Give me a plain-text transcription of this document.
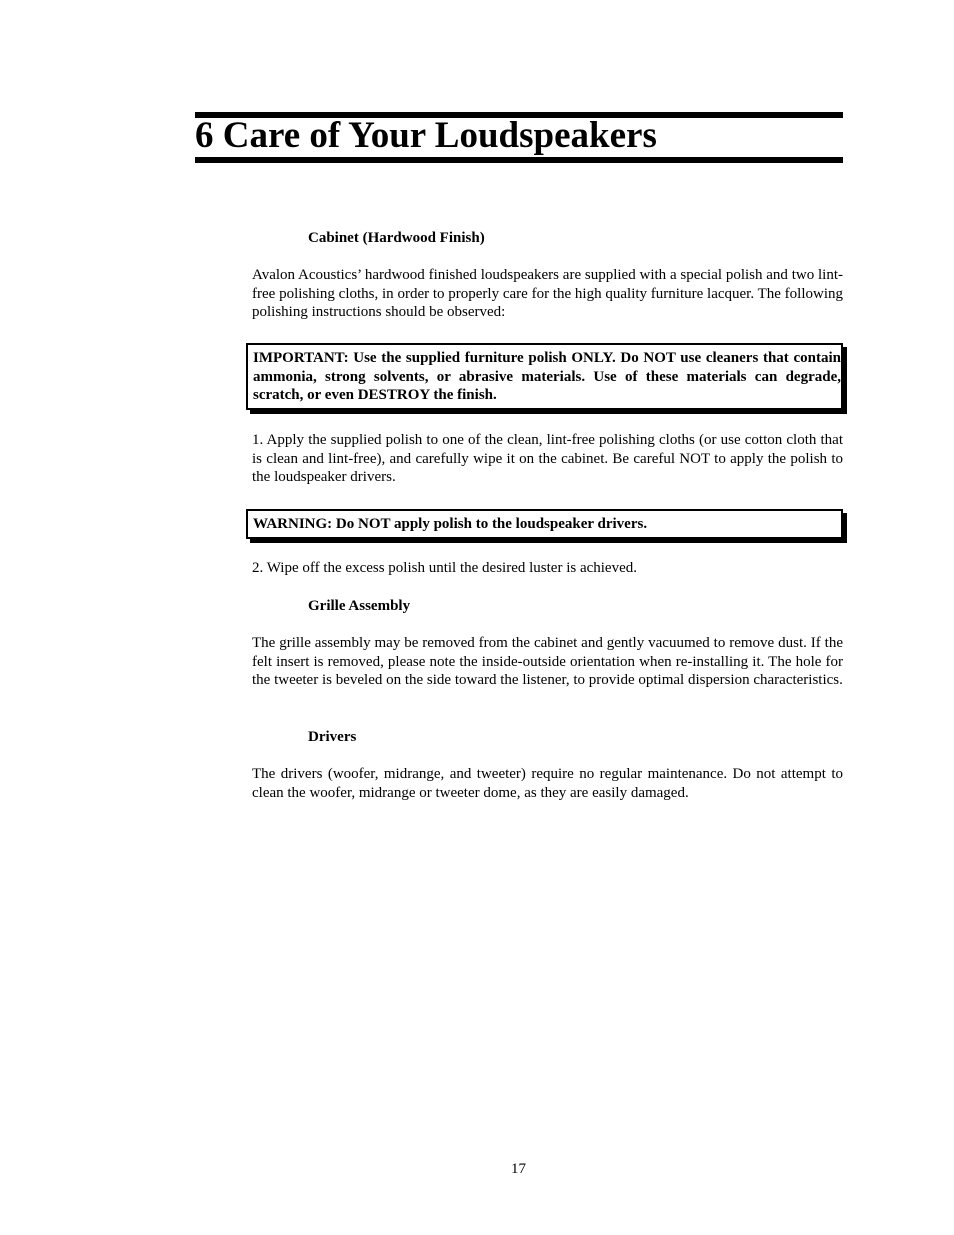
6 Care of Your Loudspeakers
Cabinet (Hardwood Finish)

Avalon Acoustics’ hardwood finished loudspeakers are supplied with a special polish and two lint-free polishing cloths, in order to properly care for the high quality furniture lacquer. The following polishing instructions should be observed:

IMPORTANT: Use the supplied furniture polish ONLY. Do NOT use cleaners that contain ammonia, strong solvents, or abrasive materials. Use of these materials can degrade, scratch, or even DESTROY the finish.

1. Apply the supplied polish to one of the clean, lint-free polishing cloths (or use cotton cloth that is clean and lint-free), and carefully wipe it on the cabinet. Be careful NOT to apply the polish to the loudspeaker drivers.

WARNING: Do NOT apply polish to the loudspeaker drivers.

2. Wipe off the excess polish until the desired luster is achieved.

Grille Assembly

The grille assembly may be removed from the cabinet and gently vacuumed to remove dust. If the felt insert is removed, please note the inside-outside orientation when re-installing it. The hole for the tweeter is beveled on the side toward the listener, to provide optimal dispersion characteristics.

Drivers

The drivers (woofer, midrange, and tweeter) require no regular maintenance. Do not attempt to clean the woofer, midrange or tweeter dome, as they are easily damaged.

17
